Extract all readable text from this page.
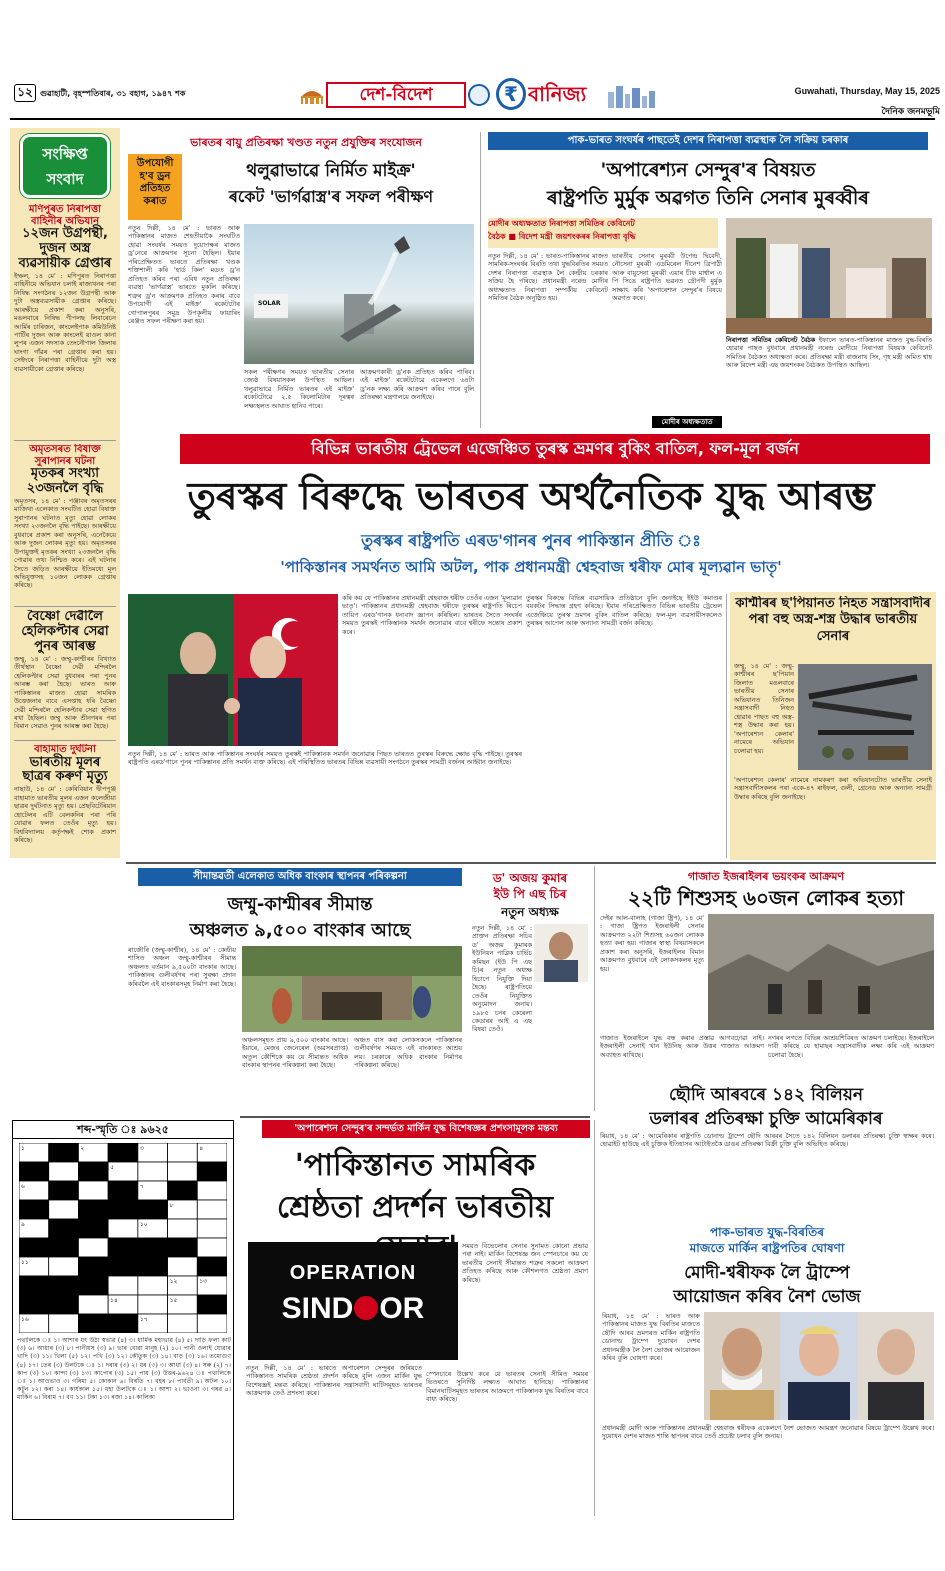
১২ গুৱাহাটী, বৃহস্পতিবাৰ, ৩১ বহাগ, ১৯৪৭ শক	দেশ-বিদেশ	₹ বানিজ্য	Guwahati, Thursday, May 15, 2025
দৈনিক জনমভূমি
সংক্ষিপ্ত
সংবাদ
মণিপুৰত নিৰাপত্তা বাহিনীৰ অভিযান
১২জন উগ্ৰপন্থী, দুজন অস্ত্ৰ ব্যৱসায়ীক গ্ৰেপ্তাৰ
ইম্ফল, ১৪ মে' : মণিপুৰত নিৰাপত্তা বাহিনীয়ে অভিযান চলাই ৰাজ্যখনৰ পৰা নিষিদ্ধ সংগঠনৰ ১২জন উগ্ৰপন্থী আৰু দুটা অস্ত্ৰব্যৱসায়ীক গ্ৰেপ্তাৰ কৰিছে। আৰক্ষীয়ে প্ৰকাশ কৰা অনুসৰি, মঙলবাৰে নিষিদ্ধ পীপলছ লিবাৰেচন আৰ্মিৰ চাৰিজন, কাংলেইপাক কমিউনিষ্ট পাৰ্টিৰ দুজন আৰু কাংলেই য়াওল কানা লুপৰ এজন সদস্যক তেংনৌপাল জিলাৰ ঘাংগা গাঁৱৰ পৰা গ্ৰেপ্তাৰ কৰা হয়। সেইদৰে নিৰাপত্তা বাহিনীয়ে দুটা অস্ত্ৰ ব্যৱসায়ীকো গ্ৰেপ্তাৰ কৰিছে।
অমৃতসৰত বিষাক্ত সুৰাপানৰ ঘটনা
মৃতকৰ সংখ্যা ২৩জনলৈ বৃদ্ধি
অমৃতসৰ, ১৪ মে' : পঞ্জাবৰ অমৃতসৰৰ মাজিথা এলেকাত সংঘটিত হোৱা বিষাক্ত সুৰাপানৰ ঘটনাত মৃত্যু হোৱা লোকৰ সংখ্যা ২৩জনলৈ বৃদ্ধি পাইছে। আৰক্ষীয়ে বুধবাৰে প্ৰকাশ কৰা অনুসৰি, এনেকৈয়ে আৰু দুজন লোকৰ মৃত্যু হয়। অমৃতসৰৰ উপায়ুক্তই মৃতকৰ সংখ্যা ২৩জনলৈ বৃদ্ধি পোৱাৰ তথ্য নিশ্চিত কৰে। এই ঘটনাৰ সৈতে জড়িত আৰক্ষীয়ে ইতিমধ্যে মূল অভিযুক্তসহ ১০জন লোকক গ্ৰেপ্তাৰ কৰিছে।
বৈষ্ণো দেৱীলৈ হেলিকপ্টাৰ সেৱা পুনৰ আৰম্ভ
জম্মু, ১৪ মে' : জম্মু-কাশ্মীৰৰ বিখ্যাত তীৰ্থস্থান বৈষ্ণো দেৱী মন্দিৰলৈ হেলিকপ্টাৰ সেৱা বুধবাৰৰ পৰা পুনৰ আৰম্ভ কৰা হৈছে। ভাৰত আৰু পাকিস্তানৰ মাজত হোৱা সামৰিক উত্তেজনাৰ বাবে এসপ্তাহ ধৰি বৈষ্ণো দেৱী মন্দিৰলৈ হেলিকপ্টাৰ সেৱা স্থগিত ৰখা হৈছিল। জম্মু আৰু শ্ৰীনগৰৰ পৰা বিমান সেৱাও পুনৰ আৰম্ভ কৰা হৈছে।
বাহামাত দুৰ্ঘটনা
ভাৰতীয় মূলৰ ছাত্ৰৰ কৰুণ মৃত্যু
নাছাউ, ১৪ মে' : কেৰিবিয়ান দ্বীপপুঞ্জ বাহামাত ভাৰতীয় মূলৰ এজন কলেজীয়া ছাত্ৰৰ দুৰ্ঘটনাত মৃত্যু হয়। প্ৰেছবিটেৰিয়ান হোটেলৰ এটি বেলকনিৰ পৰা পৰি যোৱাৰ ফলত তেওঁৰ মৃত্যু হয়। বিশ্ববিদ্যালয় কৰ্তৃপক্ষই শোক প্ৰকাশ কৰিছে।
ভাৰতৰ বায়ু প্ৰতিৰক্ষা খণ্ডত নতুন প্ৰযুক্তিৰ সংযোজন
উপযোগী হ'ব ড্ৰন প্ৰতিহত কৰাত
থলুৱাভাৱে নিৰ্মিত মাইক্ৰ'
ৰকেট 'ভাৰ্গৱাস্ত্ৰ'ৰ সফল পৰীক্ষণ
নতুন দিল্লী, ১৪ মে' : ভাৰত আৰু পাকিস্তানৰ মাজত শেহতীয়াকৈ সংঘটিত হোৱা সংঘৰ্ষৰ সময়ত দুয়োপক্ষৰ মাজত ড্ৰ'নেৰে আক্ৰমণৰ সূচনা হৈছিল। ইয়াৰ পৰিপ্ৰেক্ষিতত ভাৰতে প্ৰতিৰক্ষা খণ্ডক শক্তিশালী কৰি 'হাৰ্ড কিল' মডত ড্ৰ'ন প্ৰতিহত কৰিব পৰা এবিধ নতুন প্ৰতিৰক্ষা ব্যৱস্থা 'ভাৰ্গৱাস্ত্ৰ' ভাৰতে মুকলি কৰিছে। শত্ৰুৰ ড্ৰ'ন আক্ৰমণক প্ৰতিহত কৰাৰ বাবে উপযোগী এই মাইক্ৰ' ৰকেটটোৰ গোপালপুৰৰ সমুদ্ৰ উপকূলীয় ফায়াৰিং ৰেঞ্জত সফল পৰীক্ষণ কৰা হয়।
SOLAR
সকল পৰীক্ষণৰ সময়ত ভাৰতীয় সেনাৰ জ্যেষ্ঠ বিষয়াসকল উপস্থিত আছিল। থলুৱাভাৱে নিৰ্মিত ভাৰতৰ এই মাইক্ৰ' ৰকেটটোৱে ২.৫ কিলোমিটাৰ দূৰত্বৰ লক্ষ্যস্থলত আঘাত হানিব পাৰে।
আক্ৰমণকাৰী ড্ৰ'নক প্ৰতিহত কৰিব পাৰিব। এই মাইক্ৰ' ৰকেটটোৱে একেলগে ৬৪টা ড্ৰ'নক লক্ষ্য কৰি আক্ৰমণ কৰিব পাৰে বুলি প্ৰতিৰক্ষা মন্ত্ৰণালয়ে জনাইছে।
পাক-ভাৰত সংঘৰ্ষৰ পাছতেই দেশৰ নিৰাপত্তা ব্যৱস্থাক লৈ সক্ৰিয় চৰকাৰ
'অপাৰেশ্যন সেন্দুৰ'ৰ বিষয়ত
ৰাষ্ট্ৰপতি মুৰ্মুক অৱগত তিনি সেনাৰ মুৰব্বীৰ
মোদীৰ অধ্যক্ষতাত নিৰাপত্তা সমিতিৰ কেবিনেট
বৈঠক ■ বিদেশ মন্ত্ৰী জয়শংকৰৰ নিৰাপত্তা বৃদ্ধি
নতুন দিল্লী, ১৪ মে' : ভাৰত-পাকিস্তানৰ মাজত সামৰিক-সংঘৰ্ষৰ বিৰতি তথা যুদ্ধবিৰতিৰ সময়ত দেশৰ নিৰাপত্তা ব্যৱস্থাক লৈ কেন্দ্ৰীয় চৰকাৰ সক্ৰিয় হৈ পৰিছে। প্ৰধানমন্ত্ৰী নৰেন্দ্ৰ মোদীৰ অধ্যক্ষতাত নিৰাপত্তা সম্পৰ্কীয় কেবিনেট সমিতিৰ বৈঠক অনুষ্ঠিত হয়।
ভাৰতীয় সেনাৰ মুৰব্বী উপেন্দ্ৰ দ্বিবেদী, নৌসেনা মুৰব্বী এডমিৰেল দীনেশ ত্ৰিপাঠী আৰু বায়ুসেনা মুৰব্বী এয়াৰ চীফ মাৰ্শ্বাল এ পি সিঙে ৰাষ্ট্ৰপতি ভৱনত দ্ৰৌপদী মুৰ্মুক সাক্ষাৎ কৰি 'অপাৰেশ্যন সেন্দুৰ'ৰ বিষয়ে অৱগত কৰে।
নিৰাপত্তা সমিতিৰ কেবিনেট বৈঠক ইফালে ভাৰত-পাকিস্তানৰ মাজত যুদ্ধ-বিৰতি হোৱাৰ পাছত বুধবাৰে প্ৰধানমন্ত্ৰী নৰেন্দ্ৰ মোদীয়ে নিৰাপত্তা বিষয়ক কেবিনেট সমিতিৰ বৈঠকত অধ্যক্ষতা কৰে। প্ৰতিৰক্ষা মন্ত্ৰী ৰাজনাথ সিং, গৃহ মন্ত্ৰী অমিত শ্বাহ আৰু বিদেশ মন্ত্ৰী এছ জয়শংকৰ বৈঠকত উপস্থিত আছিল।
মোদীৰ অধ্যক্ষতাত
বিভিন্ন ভাৰতীয় ট্ৰেভেল এজেঞ্চিত তুৰস্ক ভ্ৰমণৰ বুকিং বাতিল, ফল-মূল বৰ্জন
তুৰস্কৰ বিৰুদ্ধে ভাৰতৰ অৰ্থনৈতিক যুদ্ধ আৰম্ভ
তুৰস্কৰ ৰাষ্ট্ৰপতি এৰড'গানৰ পুনৰ পাকিস্তান প্ৰীতি ঃ
'পাকিস্তানৰ সমৰ্থনত আমি অটল, পাক প্ৰধানমন্ত্ৰী শ্বেহবাজ শ্বৰীফ মোৰ মূল্যৱান ভাতৃ'
কৰি কয় যে পাকিস্তানৰ প্ৰধানমন্ত্ৰী শ্বেহবাজ শ্বৰীফ তেওঁৰ এজন 'মূল্যৱান ভাতৃ'। পাকিস্তানৰ প্ৰধানমন্ত্ৰী শ্বেহবাজ শ্বৰীফে তুৰস্কৰ ৰাষ্ট্ৰপতি ৰিচেপ তায়িপ এৰড'গানক ধন্যবাদ জ্ঞাপন কৰিছিল। ভাৰতৰ সৈতে সংঘৰ্ষৰ সময়ত তুৰস্কই পাকিস্তানক সমৰ্থন জনোৱাৰ বাবে শ্বৰীফে সন্তোষ প্ৰকাশ কৰে।
তুৰস্কৰ বিৰুদ্ধে বিভিন্ন ব্যৱসায়িক প্ৰতিষ্ঠানে বুলি জনাইছে ইইউ কমাণ্ডৰ বয়কটৰ সিদ্ধান্ত গ্ৰহণ কৰিছে। ইয়াৰ পৰিপ্ৰেক্ষিতত বিভিন্ন ভাৰতীয় ট্ৰেভেল এজেঞ্চিয়ে তুৰস্ক ভ্ৰমণৰ বুকিং বাতিল কৰিছে। ফল-মূল ব্যৱসায়ীসকলেও তুৰস্কৰ আপেল আৰু অন্যান্য সামগ্ৰী বৰ্জন কৰিছে।
নতুন দিল্লী, ১৪ মে' : ভাৰত আৰু পাকিস্তানৰ সংঘৰ্ষৰ সময়ত তুৰস্কই পাকিস্তানক সমৰ্থন জনোৱাৰ পিছত ভাৰতত তুৰস্কৰ বিৰুদ্ধে ক্ষোভ বৃদ্ধি পাইছে। তুৰস্কৰ ৰাষ্ট্ৰপতি এৰড'গানে পুনৰ পাকিস্তানৰ প্ৰতি সমৰ্থন ব্যক্ত কৰিছে। এই পৰিস্থিতিত ভাৰতৰ বিভিন্ন ব্যৱসায়ী সংগঠনে তুৰস্কৰ সামগ্ৰী বৰ্জনৰ আহ্বান জনাইছে।
কাশ্মীৰৰ ছ'পিয়ানত নিহত সন্ত্ৰাসবাদীৰ পৰা বহু অস্ত্ৰ-শস্ত্ৰ উদ্ধাৰ ভাৰতীয় সেনাৰ
জম্মু, ১৪ মে' : জম্মু-কাশ্মীৰৰ ছ'পিয়ান জিলাত মঙলবাৰে ভাৰতীয় সেনাৰ অভিযানত তিনিজন সন্ত্ৰাসবাদী নিহত হোৱাৰ পাছত বহু অস্ত্ৰ-শস্ত্ৰ উদ্ধাৰ কৰা হয়। 'অপাৰেশ্যন কেলাৰ' নামেৰে অভিযান চলোৱা হয়।
'অপাৰেশ্যন কেলাৰ' নামেৰে নামকৰণ কৰা অভিযানটোত ভাৰতীয় সেনাই সন্ত্ৰাসবাদীসকলৰ পৰা একে-৪৭ ৰাইফল, গুলী, গ্ৰেনেড আৰু অন্যান্য সামগ্ৰী উদ্ধাৰ কৰিছে বুলি জনাইছে।
সীমান্তৱৰ্তী এলেকাত অধিক বাংকাৰ স্থাপনৰ পৰিকল্পনা
জম্মু-কাশ্মীৰৰ সীমান্ত
অঞ্চলত ৯,৫০০ বাংকাৰ আছে
ৰাজৌৰি (জম্মু-কাশ্মীৰ), ১৪ মে' : কেন্দ্ৰীয় শাসিত অঞ্চল জম্মু-কাশ্মীৰৰ সীমান্ত অঞ্চলত বৰ্তমান ৯,৫০০টা বাংকাৰ আছে। পাকিস্তানৰ গুলীবৰ্ষণৰ পৰা সুৰক্ষা প্ৰদান কৰিবলৈ এই বাংকাৰসমূহ নিৰ্মাণ কৰা হৈছে।
অঞ্চলসমূহত প্ৰায় ৯,৫০০ বাংকাৰ আছে। ইয়াৰে, মেজৰ জেনেৰেল (অৱসৰপ্ৰাপ্ত) অতুল কৌশিকে কয় যে সীমান্তত অধিক বাংকাৰ স্থাপনৰ পৰিকল্পনা কৰা হৈছে।
অঞ্চত বাস কৰা লোকসকলে পাকিস্তানৰ গুলীবৰ্ষণৰ সময়ত এই বাংকাৰত আশ্ৰয় লয়। চৰকাৰে অধিক বাংকাৰ নিৰ্মাণৰ পৰিকল্পনা কৰিছে।
ড' অজয় কুমাৰ
ইউ পি এছ চিৰ
নতুন অধ্যক্ষ
নতুন দিল্লী, ১৪ মে' : প্ৰাক্তন প্ৰতিৰক্ষা সচিব ড' অজয় কুমাৰক ইউনিয়ন পাব্লিক চাৰ্ভিচ কমিছন (ইউ পি এছ চি)ৰ নতুন অধ্যক্ষ হিচাপে নিযুক্তি দিয়া হৈছে। ৰাষ্ট্ৰপতিয়ে তেওঁৰ নিযুক্তিত অনুমোদন জনায়। ১৯৮৫ চনৰ কেৰেলা কেডাৰৰ আই এ এছ বিষয়া তেওঁ।
গাজাত ইজৰাইলৰ ভয়ংকৰ আক্ৰমণ
২২টি শিশুসহ ৬০জন লোকৰ হত্যা
দেইৰ আল-বালাহ (গাজা ষ্ট্ৰিপ), ১৪ মে' : গাজা ষ্ট্ৰিপত ইজৰাইলী সেনাৰ আক্ৰমণত ২২টা শিশুসহ ৬০জন লোকক হত্যা কৰা হয়। গাজাৰ স্বাস্থ্য বিষয়াসকলে প্ৰকাশ কৰা অনুসৰি, ইজৰাইলৰ বিমান আক্ৰমণত বুধবাৰে এই লোকসকলৰ মৃত্যু হয়।
গাজাত ইজৰাইলে যুদ্ধ বন্ধ কৰাৰ প্ৰস্তাৱ আগবঢ়োৱা নাই। ইজৰাইলী সেনাই খান ইউনিছ আৰু উত্তৰ গাজাত আক্ৰমণ অব্যাহত ৰাখিছে।
নগৰৰ লগতে বিভিন্ন আশ্ৰয়শিবিৰত আক্ৰমণ চলাইছে। ইজৰাইলে দাবী কৰিছে যে হামাছৰ সন্ত্ৰাসবাদীক লক্ষ্য কৰি এই আক্ৰমণ চলোৱা হৈছে।
ছৌদি আৰবৰে ১৪২ বিলিয়ন
ডলাৰৰ প্ৰতিৰক্ষা চুক্তি আমেৰিকাৰ
ৰিয়াধ, ১৪ মে' : আমেৰিকাৰ ৰাষ্ট্ৰপতি ডোনাল্ড ট্ৰাম্পে ছৌদি আৰবৰ সৈতে ১৪২ বিলিয়ন ডলাৰৰ প্ৰতিৰক্ষা চুক্তি স্বাক্ষৰ কৰে। হোৱাইট হাউছে এই চুক্তিক ইতিহাসৰ আটাইতকৈ ডাঙৰ প্ৰতিৰক্ষা বিক্ৰী চুক্তি বুলি অভিহিত কৰিছে।
শব্দ-স্মৃতি ঃ ৯৬২৫
১	২	৩	৪
৫
৬	৭
৮
৯	১০
১১
১২	১৩
১৪	১৫
১৬	১৭
পথালিকে ঃ ১। আশাৰ যৎ উঠা স্বভাৱ (৪) ৩। ধাৰ্মিক মহাভাৱ (৪) ৫। দাড়ি ফলা কাট (৩) ৬। আয়াৰ (৩) ৮। পানীয়স (৩) ৯। ভাৰ বোৱা মানুহ (২) ১০। পানী ওলাই যোৱাৰ খাদি (৩) ১১। খিলা (৫) ১২। পখি (৩) ১২। কৌতুক (৩) ১৪। বাড় (৩) ১৬। তমোগুণ (৪) ১৭। তেৰ (৩) উলটকে ঃ ১। দৰাৰ (৩) ২। ধৰ (৩) ৩। আধা (৩) ৪। সৰু (২) ৭। কাপ (৩) ১০। কান্দা (৩) ১৩। কাপোৰ (৩) ১৫। পায় (৩) উত্তৰ-৯৬২৪ ঃ পথালিকে ঃ ১। আওভাও ৩। গৰিমা ৫। কোকান ৬। বিৰতি ৭। বহৰ ৮। পাৰ্বতী ৯। অটল ১০। কটুন ১২। কৰা ১৪। কাৰ্যকাল ১৫। মহা উলটকে ঃ ১। আশা ২। ভাওনা ৩। গৰৱ ৪। মাৰ্কিন ৬। বিৰাম ৭। বণ ১১। টকা ১৩। ৰজা ১৪। কালিকা
'অপাৰেশ্যন সেন্দুৰ'ৰ সন্দৰ্ভত মাৰ্কিন যুদ্ধ বিশেষজ্ঞৰ প্ৰশংসামূলক মন্তব্য
'পাকিস্তানত সামৰিক
শ্ৰেষ্ঠতা প্ৰদৰ্শন ভাৰতীয়
OPERATION
SIND OR
সময়ত বিভেলোৰ সেনাৰ সুনামত কোনো প্ৰভাৱ পৰা নাই। মাৰ্কিন বিশেষজ্ঞ জন স্পেনচাৰে কয় যে ভাৰতীয় সেনাই সীমান্তত শত্ৰুৰ সকলো আক্ৰমণ প্ৰতিহত কৰিছে আৰু কৌশলগত শ্ৰেষ্ঠতা প্ৰমাণ কৰিছে।
নতুন দিল্লী, ১৪ মে' : ভাৰতে অপাৰেশ্যন সেন্দুৰৰ জৰিয়তে পাকিস্তানত সামৰিক শ্ৰেষ্ঠতা প্ৰদৰ্শন কৰিছে বুলি এজন মাৰ্কিন যুদ্ধ বিশেষজ্ঞই মন্তব্য কৰিছে। পাকিস্তানৰ সন্ত্ৰাসবাদী ঘাটিসমূহত ভাৰতৰ আক্ৰমণক তেওঁ প্ৰশংসা কৰে।
স্পেনচাৰে উল্লেখ কৰে যে ভাৰতৰ সেনাই সীমিত সময়ৰ ভিতৰতে সুনিৰ্দিষ্ট লক্ষ্যত আঘাত হানিছে। পাকিস্তানৰ বিমানঘাটিসমূহত ভাৰতৰ আক্ৰমণে পাকিস্তানক যুদ্ধ বিৰতিৰ বাবে বাধ্য কৰিছে।
পাক-ভাৰত যুদ্ধ-বিৰতিৰ
মাজতে মাৰ্কিন ৰাষ্ট্ৰপতিৰ ঘোষণা
মোদী-শ্বৰীফক লৈ ট্ৰাম্পে
আয়োজন কৰিব নৈশ ভোজ
ৰিয়াধ, ১৪ মে' : ভাৰত আৰু পাকিস্তানৰ মাজত যুদ্ধ বিৰতিৰ মাজতে ছৌদি আৰব ভ্ৰমণৰত মাৰ্কিন ৰাষ্ট্ৰপতি ডোনাল্ড ট্ৰাম্পে দুয়োখন দেশৰ প্ৰধানমন্ত্ৰীক লৈ নৈশ ভোজৰ আয়োজন কৰিব বুলি ঘোষণা কৰে।
প্ৰধানমন্ত্ৰী মোদী আৰু পাকিস্তানৰ প্ৰধানমন্ত্ৰী শ্বেহবাজ শ্বৰীফক একেলগে নৈশ ভোজত আমন্ত্ৰণ জনোৱাৰ বিষয়ে ট্ৰাম্পে উল্লেখ কৰে। দুয়োখন দেশৰ মাজত শান্তি স্থাপনৰ বাবে তেওঁ প্ৰচেষ্টা চলাব বুলি জনায়।
